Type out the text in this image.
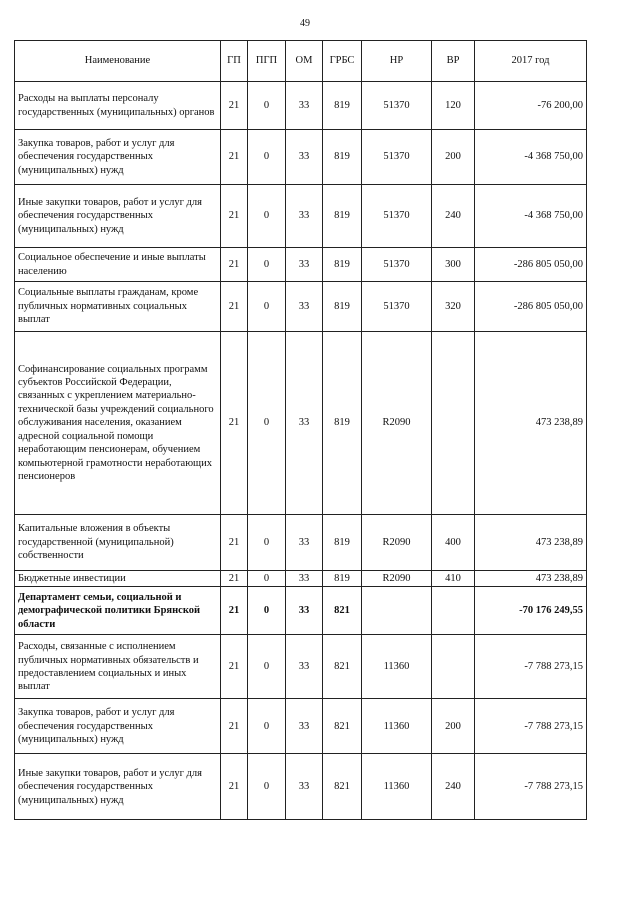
49
Наименование	ГП	ПГП	ОМ	ГРБС	НР	ВР	2017 год
Расходы на выплаты персоналу государственных (муниципальных) органов	21	0	33	819	51370	120	-76 200,00
Закупка товаров, работ и услуг для обеспечения государственных (муниципальных) нужд	21	0	33	819	51370	200	-4 368 750,00
Иные закупки товаров, работ и услуг для обеспечения государственных (муниципальных) нужд	21	0	33	819	51370	240	-4 368 750,00
Социальное обеспечение и иные выплаты населению	21	0	33	819	51370	300	-286 805 050,00
Социальные выплаты гражданам, кроме публичных нормативных социальных выплат	21	0	33	819	51370	320	-286 805 050,00
Софинансирование социальных программ субъектов Российской Федерации, связанных с укреплением материально-технической базы учреждений социального обслуживания населения, оказанием адресной социальной помощи неработающим пенсионерам, обучением компьютерной грамотности неработающих пенсионеров	21	0	33	819	R2090		473 238,89
Капитальные вложения в объекты государственной (муниципальной) собственности	21	0	33	819	R2090	400	473 238,89
Бюджетные инвестиции	21	0	33	819	R2090	410	473 238,89
Департамент семьи, социальной и демографической политики Брянской области	21	0	33	821			-70 176 249,55
Расходы, связанные с исполнением публичных нормативных обязательств и предоставлением социальных и иных выплат	21	0	33	821	11360		-7 788 273,15
Закупка товаров, работ и услуг для обеспечения государственных (муниципальных) нужд	21	0	33	821	11360	200	-7 788 273,15
Иные закупки товаров, работ и услуг для обеспечения государственных (муниципальных) нужд	21	0	33	821	11360	240	-7 788 273,15
